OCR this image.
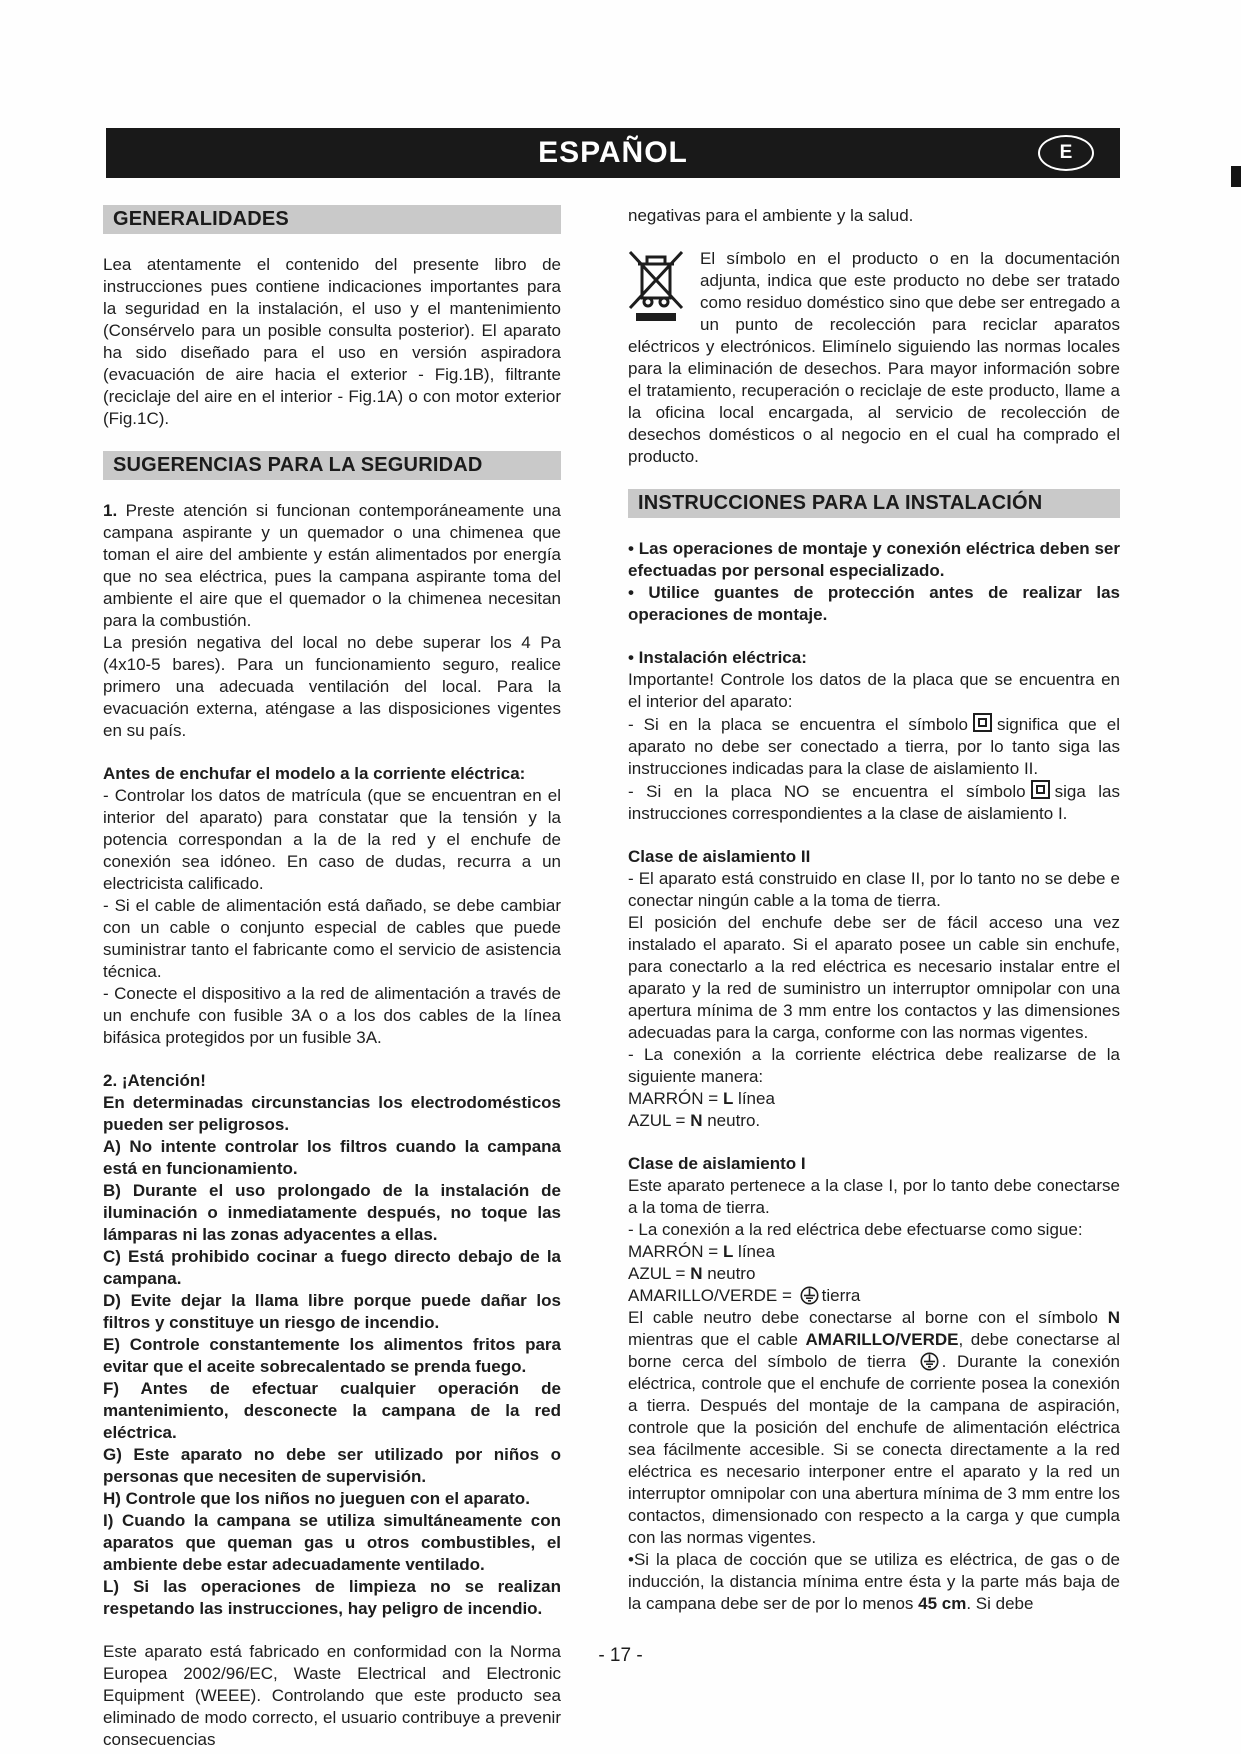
ESPAÑOL	E
GENERALIDADES

Lea atentamente el contenido del presente libro de instrucciones pues contiene indicaciones importantes para la seguridad en la instalación, el uso y el mantenimiento (Consérvelo para un posible consulta posterior). El aparato ha sido diseñado para el uso en versión aspiradora (evacuación de aire hacia el exterior - Fig.1B), filtrante (reciclaje del aire en el interior - Fig.1A) o con motor exterior (Fig.1C).

SUGERENCIAS PARA LA SEGURIDAD

1. Preste atención si funcionan contemporáneamente una campana aspirante y un quemador o una chimenea que toman el aire del ambiente y están alimentados por energía que no sea eléctrica, pues la campana aspirante toma del ambiente el aire que el quemador o la chimenea necesitan para la combustión.

La presión negativa del local no debe superar los 4 Pa (4x10-5 bares). Para un funcionamiento seguro, realice primero una adecuada ventilación del local. Para la evacuación externa, aténgase a las disposiciones vigentes en su país.

Antes de enchufar el modelo a la corriente eléctrica:

- Controlar los datos de matrícula (que se encuentran en el interior del aparato) para constatar que la tensión y la potencia correspondan a la de la red y el enchufe de conexión sea idóneo. En caso de dudas, recurra a un electricista calificado.

- Si el cable de alimentación está dañado, se debe cambiar con un cable o conjunto especial de cables que puede suministrar tanto el fabricante como el servicio de asistencia técnica.

- Conecte el dispositivo a la red de alimentación a través de un enchufe con fusible 3A o a los dos cables de la línea bifásica protegidos por un fusible 3A.

2. ¡Atención!

En determinadas circunstancias los electrodomésticos pueden ser peligrosos.

A) No intente controlar los filtros cuando la campana está en funcionamiento.

B) Durante el uso prolongado de la instalación de iluminación o inmediatamente después, no toque las lámparas ni las zonas adyacentes a ellas.

C) Está prohibido cocinar a fuego directo debajo de la campana.

D) Evite dejar la llama libre porque puede dañar los filtros y constituye un riesgo de incendio.

E) Controle constantemente los alimentos fritos para evitar que el aceite sobrecalentado se prenda fuego.

F) Antes de efectuar cualquier operación de mantenimiento, desconecte la campana de la red eléctrica.

G) Este aparato no debe ser utilizado por niños o personas que necesiten de supervisión.

H) Controle que los niños no jueguen con el aparato.

I) Cuando la campana se utiliza simultáneamente con aparatos que queman gas u otros combustibles, el ambiente debe estar adecuadamente ventilado.

L) Si las operaciones de limpieza no se realizan respetando las instrucciones, hay peligro de incendio.

Este aparato está fabricado en conformidad con la Norma Europea 2002/96/EC, Waste Electrical and Electronic Equipment (WEEE). Controlando que este producto sea eliminado de modo correcto, el usuario contribuye a prevenir consecuencias

negativas para el ambiente y la salud.

El símbolo en el producto o en la documentación adjunta, indica que este producto no debe ser tratado como residuo doméstico sino que debe ser entregado a un punto de recolección para reciclar aparatos eléctricos y electrónicos. Elimínelo siguiendo las normas locales para la eliminación de desechos. Para mayor información sobre el tratamiento, recuperación o reciclaje de este producto, llame a la oficina local encargada, al servicio de recolección de desechos domésticos o al negocio en el cual ha comprado el producto.

INSTRUCCIONES PARA LA INSTALACIÓN

• Las operaciones de montaje y conexión eléctrica deben ser efectuadas por personal especializado.

• Utilice guantes de protección antes de realizar las operaciones de montaje.

• Instalación eléctrica:

Importante! Controle los datos de la placa que se encuentra en el interior del aparato:

- Si en la placa se encuentra el símbolo significa que el aparato no debe ser conectado a tierra, por lo tanto siga las instrucciones indicadas para la clase de aislamiento II.

- Si en la placa NO se encuentra el símbolo siga las instrucciones correspondientes a la clase de aislamiento I.

Clase de aislamiento II

- El aparato está construido en clase II, por lo tanto no se debe e conectar ningún cable a la toma de tierra.

El posición del enchufe debe ser de fácil acceso una vez instalado el aparato. Si el aparato posee un cable sin enchufe, para conectarlo a la red eléctrica es necesario instalar entre el aparato y la red de suministro un interruptor omnipolar con una apertura mínima de 3 mm entre los contactos y las dimensiones adecuadas para la carga, conforme con las normas vigentes.

- La conexión a la corriente eléctrica debe realizarse de la siguiente manera:

MARRÓN = L línea

AZUL = N neutro.

Clase de aislamiento I

Este aparato pertenece a la clase I, por lo tanto debe conectarse a la toma de tierra.

- La conexión a la red eléctrica debe efectuarse como sigue:

MARRÓN = L línea

AZUL = N neutro

AMARILLO/VERDE = tierra

El cable neutro debe conectarse al borne con el símbolo N mientras que el cable AMARILLO/VERDE, debe conectarse al borne cerca del símbolo de tierra . Durante la conexión eléctrica, controle que el enchufe de corriente posea la conexión a tierra. Después del montaje de la campana de aspiración, controle que la posición del enchufe de alimentación eléctrica sea fácilmente accesible. Si se conecta directamente a la red eléctrica es necesario interponer entre el aparato y la red un interruptor omnipolar con una abertura mínima de 3 mm entre los contactos, dimensionado con respecto a la carga y que cumpla con las normas vigentes.

•Si la placa de cocción que se utiliza es eléctrica, de gas o de inducción, la distancia mínima entre ésta y la parte más baja de la campana debe ser de por lo menos 45 cm. Si debe

- 17 -
